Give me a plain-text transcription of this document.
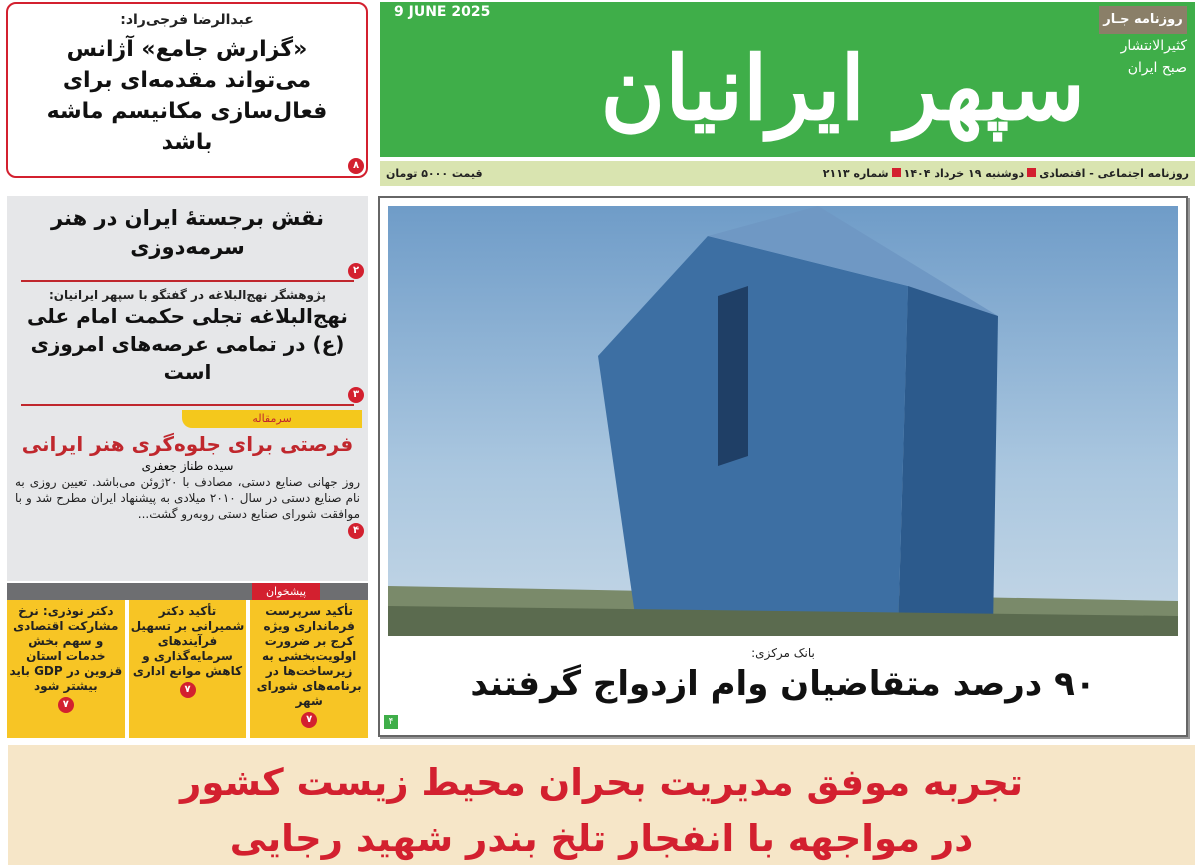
عبدالرضا فرجی‌راد:
«گزارش جامع» آژانس می‌تواند مقدمه‌ای برای فعال‌سازی مکانیسم ماشه باشد
۸
سپهر ایرانیان
9 JUNE 2025	روزنامه جـار
کثیرالانتشار
صبح ایران
روزنامه اجتماعی - اقتصادیدوشنبه ۱۹ خرداد ۱۴۰۴شماره ۲۱۱۳
قیمت ۵۰۰۰ تومان
نقش برجستهٔ ایران در هنر سرمه‌دوزی
۲
پژوهشگر نهج‌البلاغه در گفتگو با سپهر ایرانیان:
نهج‌البلاغه تجلی حکمت امام علی (ع) در تمامی عرصه‌های امروزی است
۳
سرمقاله
فرصتی برای جلوه‌گری هنر ایرانی
سیده طناز جعفری
روز جهانی صنایع دستی، مصادف با ۲۰ژوئن می‌باشد. تعیین روزی به نام صنایع دستی در سال ۲۰۱۰ میلادی به پیشنهاد ایران مطرح شد و با موافقت شورای صنایع دستی روبه‌رو گشت...
۴
پیشخوان
تأکید سرپرست فرمانداری ویژه کرج بر ضرورت اولویت‌بخشی به زیرساخت‌ها در برنامه‌های شورای شهر
۷
تأکید دکتر شمیرانی بر تسهیل فرآیندهای سرمایه‌گذاری و کاهش موانع اداری
۷
دکتر نوذری: نرخ مشارکت اقتصادی و سهم بخش خدمات استان قزوین در GDP باید بیشتر شود
۷
بانک مرکزی:
۹۰ درصد متقاضیان وام ازدواج گرفتند
۴
تجربه موفق مدیریت بحران محیط زیست کشور
در مواجهه با انفجار تلخ بندر شهید رجایی
